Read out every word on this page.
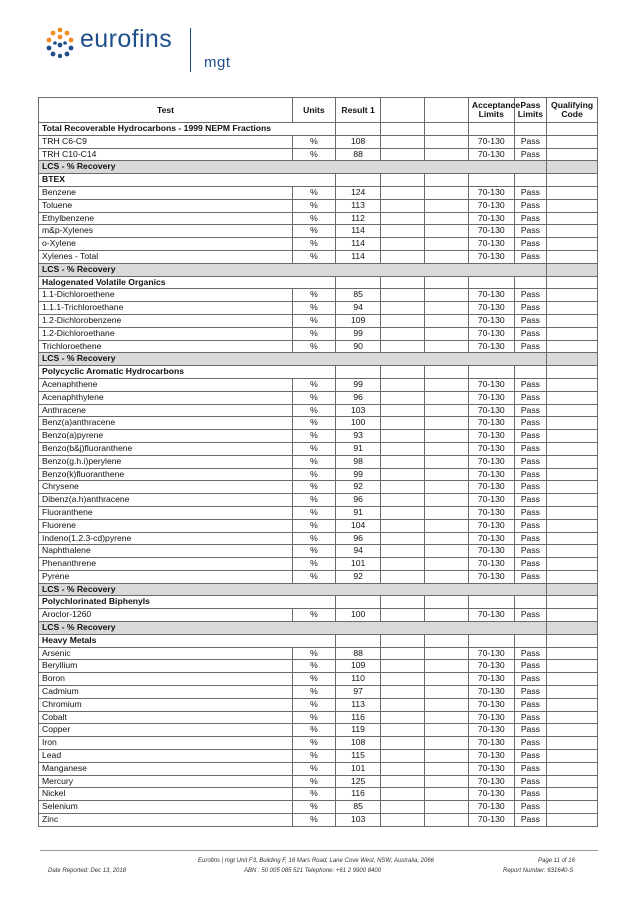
eurofins
mgt
Test	Units	Result 1			Acceptance Limits	Pass Limits	Qualifying Code
Total Recoverable Hydrocarbons - 1999 NEPM Fractions							
TRH C6-C9	%	108			70-130	Pass	
TRH C10-C14	%	88			70-130	Pass	
LCS - % Recovery							
BTEX							
Benzene	%	124			70-130	Pass	
Toluene	%	113			70-130	Pass	
Ethylbenzene	%	112			70-130	Pass	
m&p-Xylenes	%	114			70-130	Pass	
o-Xylene	%	114			70-130	Pass	
Xylenes - Total	%	114			70-130	Pass	
LCS - % Recovery							
Halogenated Volatile Organics							
1.1-Dichloroethene	%	85			70-130	Pass	
1.1.1-Trichloroethane	%	94			70-130	Pass	
1.2-Dichlorobenzene	%	109			70-130	Pass	
1.2-Dichloroethane	%	99			70-130	Pass	
Trichloroethene	%	90			70-130	Pass	
LCS - % Recovery							
Polycyclic Aromatic Hydrocarbons							
Acenaphthene	%	99			70-130	Pass	
Acenaphthylene	%	96			70-130	Pass	
Anthracene	%	103			70-130	Pass	
Benz(a)anthracene	%	100			70-130	Pass	
Benzo(a)pyrene	%	93			70-130	Pass	
Benzo(b&j)fluoranthene	%	91			70-130	Pass	
Benzo(g.h.i)perylene	%	98			70-130	Pass	
Benzo(k)fluoranthene	%	99			70-130	Pass	
Chrysene	%	92			70-130	Pass	
Dibenz(a.h)anthracene	%	96			70-130	Pass	
Fluoranthene	%	91			70-130	Pass	
Fluorene	%	104			70-130	Pass	
Indeno(1.2.3-cd)pyrene	%	96			70-130	Pass	
Naphthalene	%	94			70-130	Pass	
Phenanthrene	%	101			70-130	Pass	
Pyrene	%	92			70-130	Pass	
LCS - % Recovery							
Polychlorinated Biphenyls							
Aroclor-1260	%	100			70-130	Pass	
LCS - % Recovery							
Heavy Metals							
Arsenic	%	88			70-130	Pass	
Beryllium	%	109			70-130	Pass	
Boron	%	110			70-130	Pass	
Cadmium	%	97			70-130	Pass	
Chromium	%	113			70-130	Pass	
Cobalt	%	116			70-130	Pass	
Copper	%	119			70-130	Pass	
Iron	%	108			70-130	Pass	
Lead	%	115			70-130	Pass	
Manganese	%	101			70-130	Pass	
Mercury	%	125			70-130	Pass	
Nickel	%	116			70-130	Pass	
Selenium	%	85			70-130	Pass	
Zinc	%	103			70-130	Pass	
Eurofins | mgt Unit F3, Building F, 16 Mars Road, Lane Cove West, NSW, Australia, 2066	Page 11 of 16
Date Reported: Dec 13, 2018	ABN : 50 005 085 521 Telephone: +61 2 9900 8400	Report Number: 631640-S
